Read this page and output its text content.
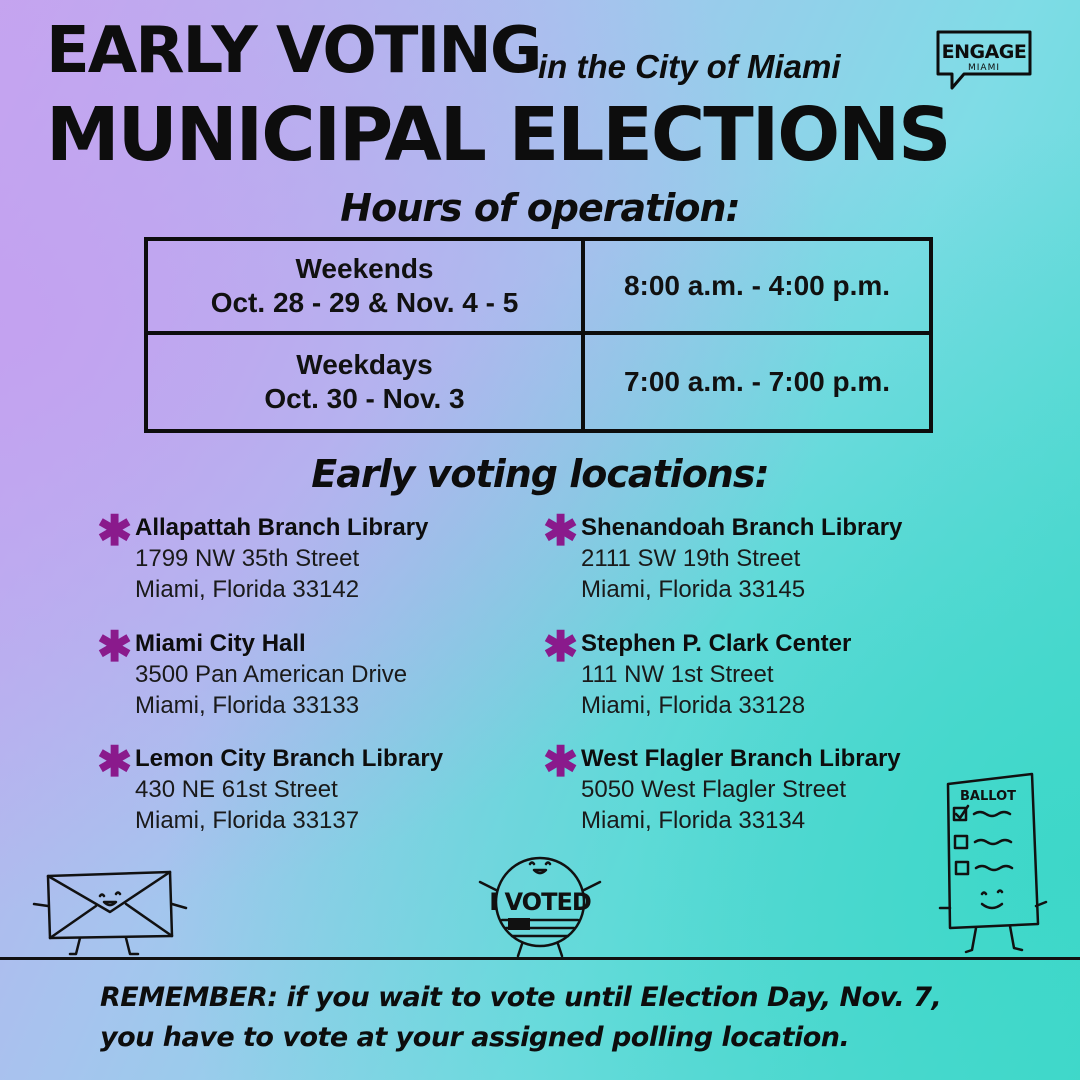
EARLY VOTING
in the City of Miami
MUNICIPAL ELECTIONS
ENGAGE
MIAMI
Hours of operation:
Weekends
Oct. 28 - 29 & Nov. 4 - 5
8:00 a.m. - 4:00 p.m.
Weekdays
Oct. 30 - Nov. 3
7:00 a.m. - 7:00 p.m.
Early voting locations:
✱ Allapattah Branch Library
1799 NW 35th Street
Miami, Florida 33142
✱ Miami City Hall
3500 Pan American Drive
Miami, Florida 33133
✱ Lemon City Branch Library
430 NE 61st Street
Miami, Florida 33137
✱ Shenandoah Branch Library
2111 SW 19th Street
Miami, Florida 33145
✱ Stephen P. Clark Center
111 NW 1st Street
Miami, Florida 33128
✱ West Flagler Branch Library
5050 West Flagler Street
Miami, Florida 33134
I VOTED
BALLOT
REMEMBER: if you wait to vote until Election Day, Nov. 7,
you have to vote at your assigned polling location.
